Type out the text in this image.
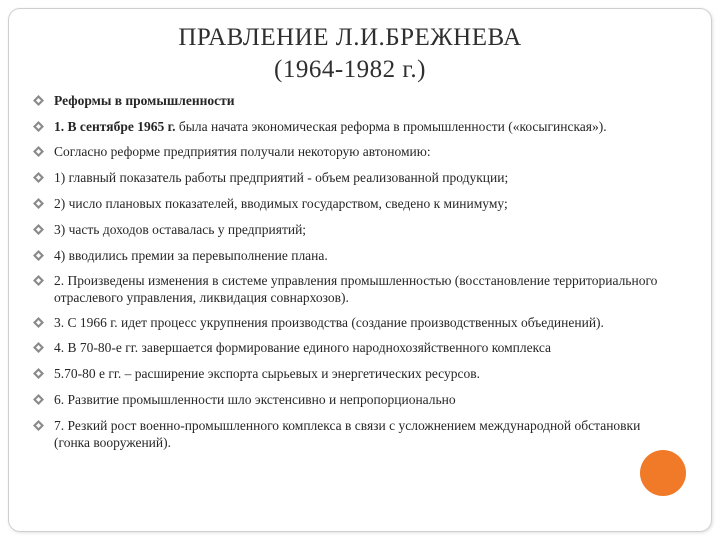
ПРАВЛЕНИЕ Л.И.БРЕЖНЕВА
(1964-1982 г.)
Реформы в промышленности
1. В сентябре 1965 г. была начата экономическая реформа в промышленности («косыгинская»).
Согласно реформе предприятия получали некоторую автономию:
1) главный показатель работы предприятий - объем реализованной продукции;
2) число плановых показателей, вводимых государством, сведено к минимуму;
3) часть доходов оставалась у предприятий;
4) вводились премии за перевыполнение плана.
2. Произведены изменения в системе управления промышленностью (восстановление территориального отраслевого управления, ликвидация совнархозов).
3. С 1966 г. идет процесс укрупнения производства (создание производственных объединений).
4. В 70-80-е гг. завершается формирование единого народнохозяйственного комплекса
5.70-80 е гг. – расширение экспорта сырьевых и энергетических ресурсов.
6. Развитие промышленности шло экстенсивно и непропорционально
7. Резкий рост военно-промышленного комплекса в связи с усложнением международной обстановки (гонка вооружений).
